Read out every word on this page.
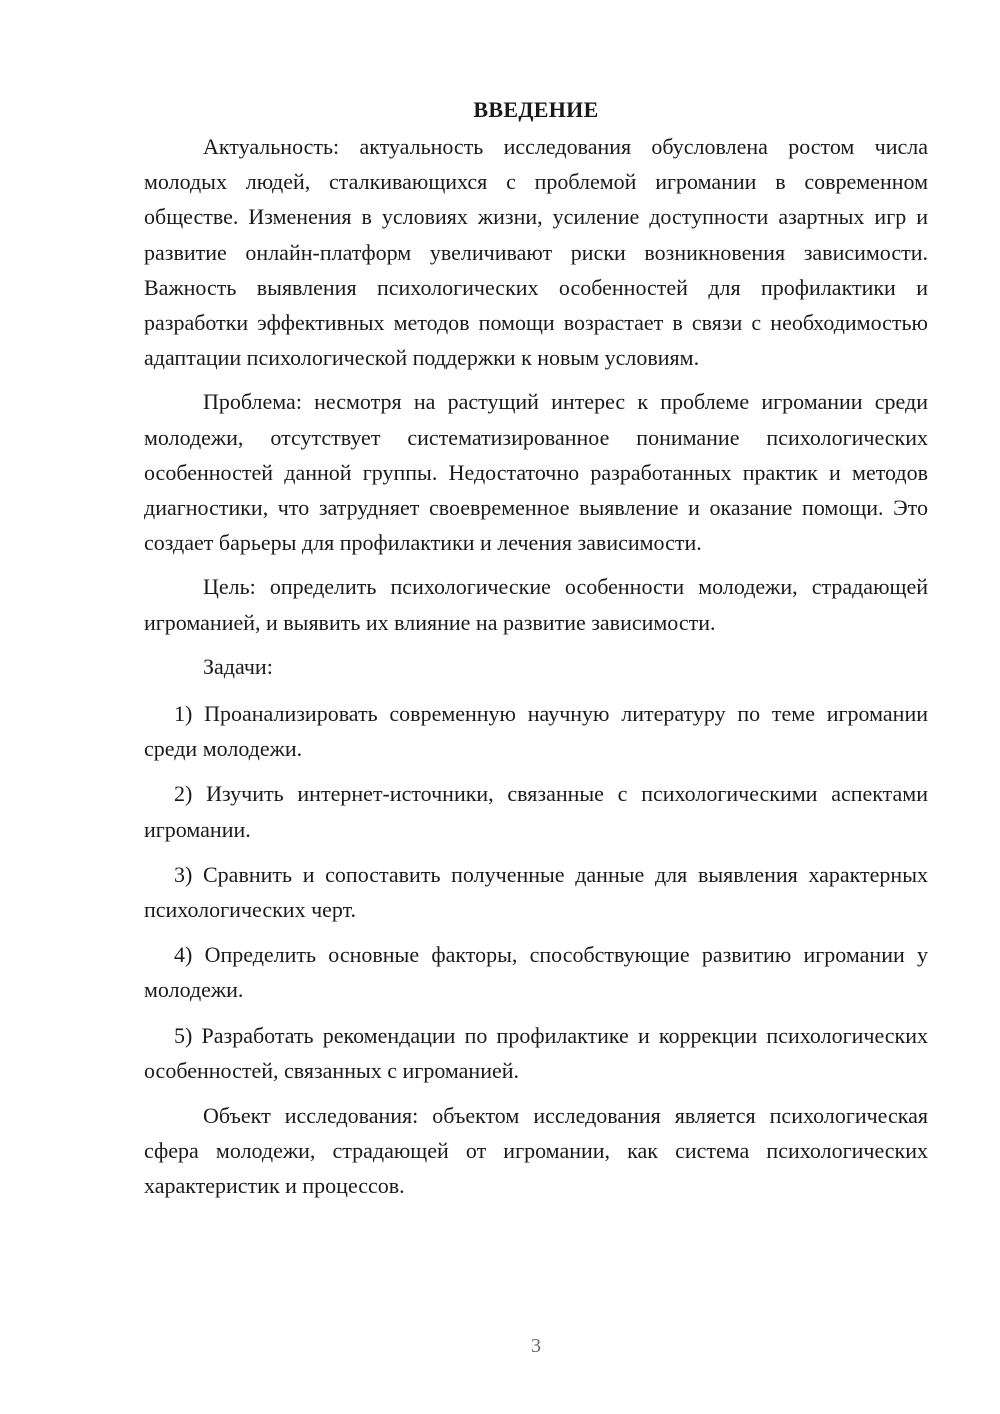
ВВЕДЕНИЕ

Актуальность: актуальность исследования обусловлена ростом числа молодых людей, сталкивающихся с проблемой игромании в современном обществе. Изменения в условиях жизни, усиление доступности азартных игр и развитие онлайн-платформ увеличивают риски возникновения зависимости. Важность выявления психологических особенностей для профилактики и разработки эффективных методов помощи возрастает в связи с необходимостью адаптации психологической поддержки к новым условиям.

Проблема: несмотря на растущий интерес к проблеме игромании среди молодежи, отсутствует систематизированное понимание психологических особенностей данной группы. Недостаточно разработанных практик и методов диагностики, что затрудняет своевременное выявление и оказание помощи. Это создает барьеры для профилактики и лечения зависимости.

Цель: определить психологические особенности молодежи, страдающей игроманией, и выявить их влияние на развитие зависимости.

Задачи:

1) Проанализировать современную научную литературу по теме игромании среди молодежи.

2) Изучить интернет-источники, связанные с психологическими аспектами игромании.

3) Сравнить и сопоставить полученные данные для выявления характерных психологических черт.

4) Определить основные факторы, способствующие развитию игромании у молодежи.

5) Разработать рекомендации по профилактике и коррекции психологических особенностей, связанных с игроманией.

Объект исследования: объектом исследования является психологическая сфера молодежи, страдающей от игромании, как система психологических характеристик и процессов.

3
